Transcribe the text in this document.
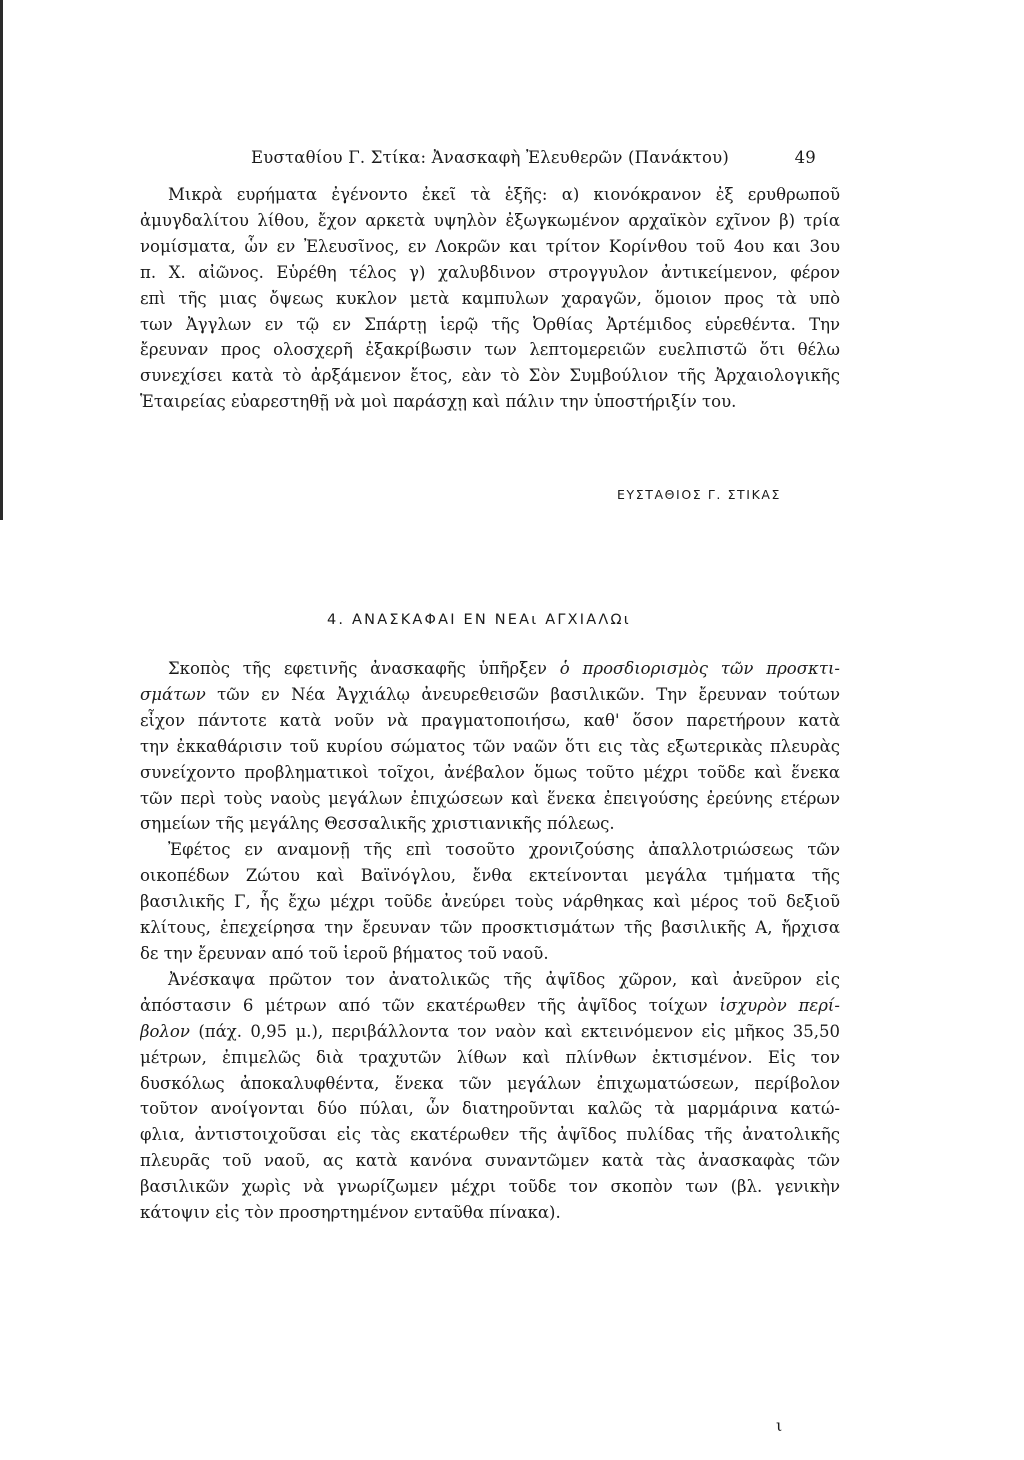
Ευσταθίου Γ. Στίκα: Ἀνασκαφὴ Ἐλευθερῶν (Πανάκτου)	49
Μικρὰ ευρήματα ἐγένοντο ἐκεῖ τὰ ἑξῆς: α) κιονόκρανον ἐξ ερυθρωποῦ
ἀμυγδαλίτου λίθου, ἔχον αρκετὰ υψηλὸν ἐξωγκωμένον αρχαϊκὸν εχῖνον β) τρία
νομίσματα, ὧν εν Ἐλευσῖνος, εν Λοκρῶν και τρίτον Κορίνθου τοῦ 4ου και 3ου
π. Χ. αἰῶνος. Εὑρέθη τέλος γ) χαλυβδινον στρογγυλον ἀντικείμενον, φέρον
επὶ τῆς μιας ὄψεως κυκλον μετὰ καμπυλων χαραγῶν, ὅμοιον προς τὰ υπὸ
των Ἀγγλων εν τῷ εν Σπάρτῃ ἱερῷ τῆς Ὀρθίας Ἀρτέμιδος εὑρεθέντα. Την
ἔρευναν προς ολοσχερῆ ἐξακρίβωσιν των λεπτομερειῶν ευελπιστῶ ὅτι θέλω
συνεχίσει κατὰ τὸ ἀρξάμενον ἔτος, εὰν τὸ Σὸν Συμβούλιον τῆς Ἀρχαιολογικῆς
Ἑταιρείας εὐαρεστηθῇ νὰ μοὶ παράσχῃ καὶ πάλιν την ὑποστήριξίν του.
ΕΥΣΤΑΘΙΟΣ Γ. ΣΤΙΚΑΣ
4. ΑΝΑΣΚΑΦΑΙ ΕΝ ΝΕΑι ΑΓΧΙΑΛΩι
Σκοπὸς τῆς εφετινῆς ἀνασκαφῆς ὑπῆρξεν ὁ προσδιορισμὸς τῶν προσκτι-
σμάτων τῶν εν Νέα Ἀγχιάλῳ ἀνευρεθεισῶν βασιλικῶν. Την ἔρευναν τούτων
εἶχον πάντοτε κατὰ νοῦν νὰ πραγματοποιήσω, καθ' ὅσον παρετήρουν κατὰ
την ἐκκαθάρισιν τοῦ κυρίου σώματος τῶν ναῶν ὅτι εις τὰς εξωτερικὰς πλευρὰς
συνείχοντο προβληματικοὶ τοῖχοι, ἀνέβαλον ὅμως τοῦτο μέχρι τοῦδε καὶ ἕνεκα
τῶν περὶ τοὺς ναοὺς μεγάλων ἐπιχώσεων καὶ ἕνεκα ἐπειγούσης ἐρεύνης ετέρων
σημείων τῆς μεγάλης Θεσσαλικῆς χριστιανικῆς πόλεως.
Ἐφέτος εν αναμονῇ τῆς επὶ τοσοῦτο χρονιζούσης ἀπαλλοτριώσεως τῶν
οικοπέδων Ζώτου καὶ Βαϊνόγλου, ἔνθα εκτείνονται μεγάλα τμήματα τῆς
βασιλικῆς Γ, ἧς ἔχω μέχρι τοῦδε ἀνεύρει τοὺς νάρθηκας καὶ μέρος τοῦ δεξιοῦ
κλίτους, ἐπεχείρησα την ἔρευναν τῶν προσκτισμάτων τῆς βασιλικῆς Α, ἤρχισα
δε την ἔρευναν από τοῦ ἱεροῦ βήματος τοῦ ναοῦ.
Ἀνέσκαψα πρῶτον τον ἀνατολικῶς τῆς ἀψῖδος χῶρον, καὶ ἀνεῦρον εἰς
ἀπόστασιν 6 μέτρων από τῶν εκατέρωθεν τῆς ἀψῖδος τοίχων ἰσχυρὸν περί-
βολον (πάχ. 0,95 μ.), περιβάλλοντα τον ναὸν καὶ εκτεινόμενον εἰς μῆκος 35,50
μέτρων, ἐπιμελῶς διὰ τραχυτῶν λίθων καὶ πλίνθων ἐκτισμένον. Εἰς τον
δυσκόλως ἀποκαλυφθέντα, ἕνεκα τῶν μεγάλων ἐπιχωματώσεων, περίβολον
τοῦτον ανοίγονται δύο πύλαι, ὧν διατηροῦνται καλῶς τὰ μαρμάρινα κατώ-
φλια, ἀντιστοιχοῦσαι εἰς τὰς εκατέρωθεν τῆς ἀψῖδος πυλίδας τῆς ἀνατολικῆς
πλευρᾶς τοῦ ναοῦ, ας κατὰ κανόνα συναντῶμεν κατὰ τὰς ἀνασκαφὰς τῶν
βασιλικῶν χωρὶς νὰ γνωρίζωμεν μέχρι τοῦδε τον σκοπὸν των (βλ. γενικὴν
κάτοψιν εἰς τὸν προσηρτημένον ενταῦθα πίνακα).
ι
